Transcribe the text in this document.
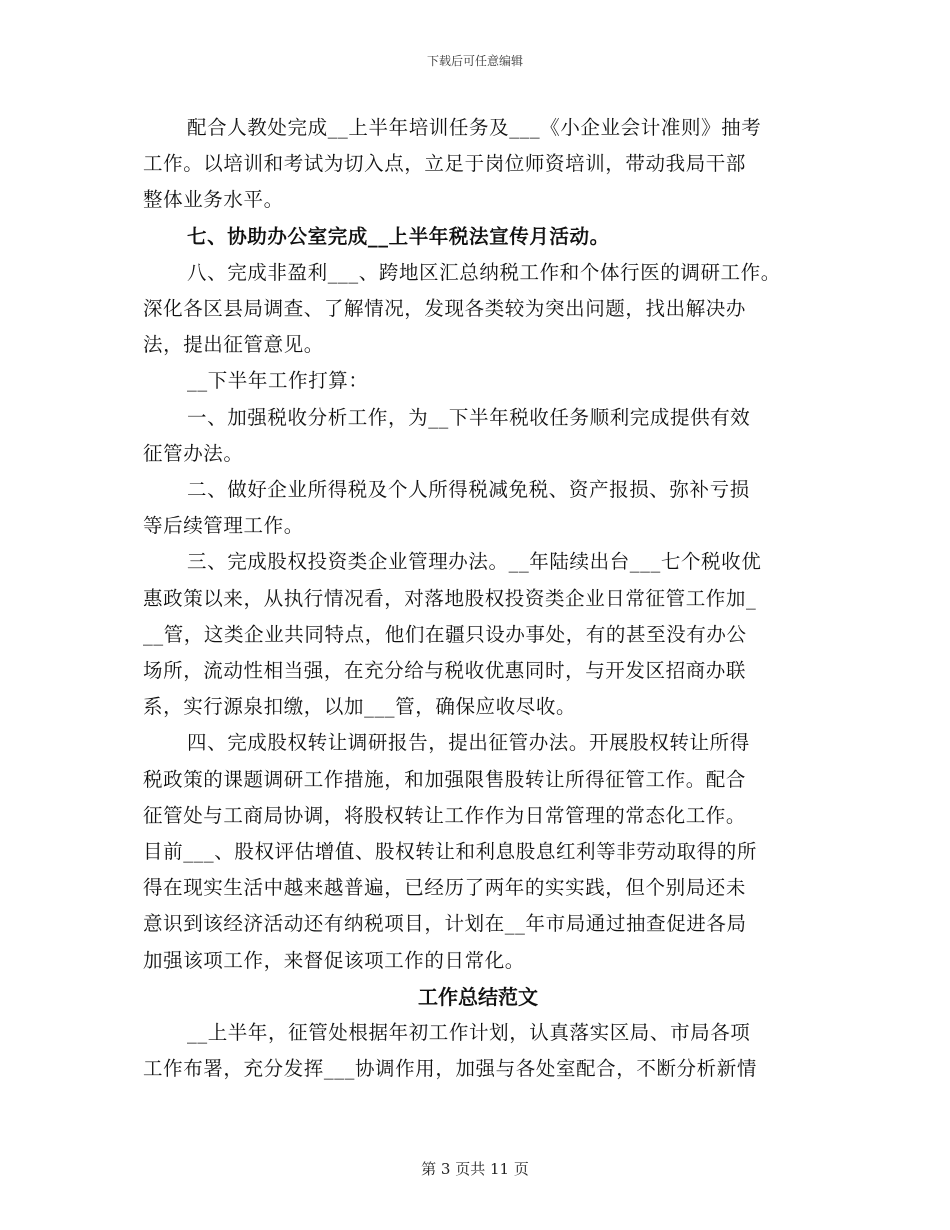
下载后可任意编辑
配合人教处完成__上半年培训任务及___《小企业会计准则》抽考
工作。以培训和考试为切入点，立足于岗位师资培训，带动我局干部
整体业务水平。
七、协助办公室完成__上半年税法宣传月活动。
八、完成非盈利___、跨地区汇总纳税工作和个体行医的调研工作。
深化各区县局调查、了解情况，发现各类较为突出问题，找出解决办
法，提出征管意见。
__下半年工作打算：
一、加强税收分析工作，为__下半年税收任务顺利完成提供有效
征管办法。
二、做好企业所得税及个人所得税减免税、资产报损、弥补亏损
等后续管理工作。
三、完成股权投资类企业管理办法。__年陆续出台___七个税收优
惠政策以来，从执行情况看，对落地股权投资类企业日常征管工作加_
__管，这类企业共同特点，他们在疆只设办事处，有的甚至没有办公
场所，流动性相当强，在充分给与税收优惠同时，与开发区招商办联
系，实行源泉扣缴，以加___管，确保应收尽收。
四、完成股权转让调研报告，提出征管办法。开展股权转让所得
税政策的课题调研工作措施，和加强限售股转让所得征管工作。配合
征管处与工商局协调，将股权转让工作作为日常管理的常态化工作。
目前___、股权评估增值、股权转让和利息股息红利等非劳动取得的所
得在现实生活中越来越普遍，已经历了两年的实实践，但个别局还未
意识到该经济活动还有纳税项目，计划在__年市局通过抽查促进各局
加强该项工作，来督促该项工作的日常化。
工作总结范文
__上半年，征管处根据年初工作计划，认真落实区局、市局各项
工作布署，充分发挥___协调作用，加强与各处室配合，不断分析新情
第 3 页共 11 页
